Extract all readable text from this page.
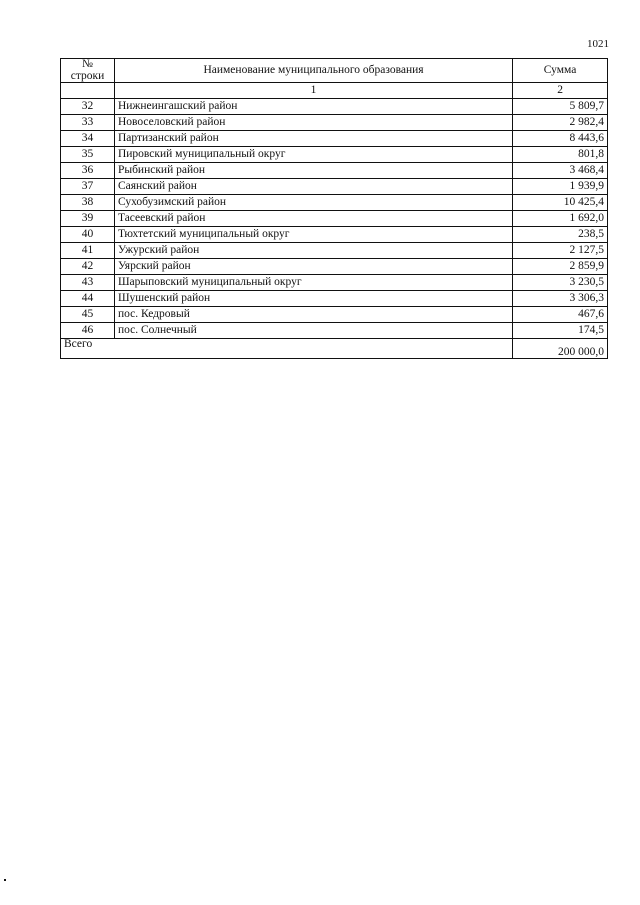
1021
№
строки	Наименование муниципального образования	Сумма
	1	2
32	Нижнеингашский район	5 809,7
33	Новоселовский район	2 982,4
34	Партизанский район	8 443,6
35	Пировский муниципальный округ	801,8
36	Рыбинский район	3 468,4
37	Саянский район	1 939,9
38	Сухобузимский район	10 425,4
39	Тасеевский район	1 692,0
40	Тюхтетский муниципальный округ	238,5
41	Ужурский район	2 127,5
42	Уярский район	2 859,9
43	Шарыповский муниципальный округ	3 230,5
44	Шушенский район	3 306,3
45	пос. Кедровый	467,6
46	пос. Солнечный	174,5
Всего		200 000,0
